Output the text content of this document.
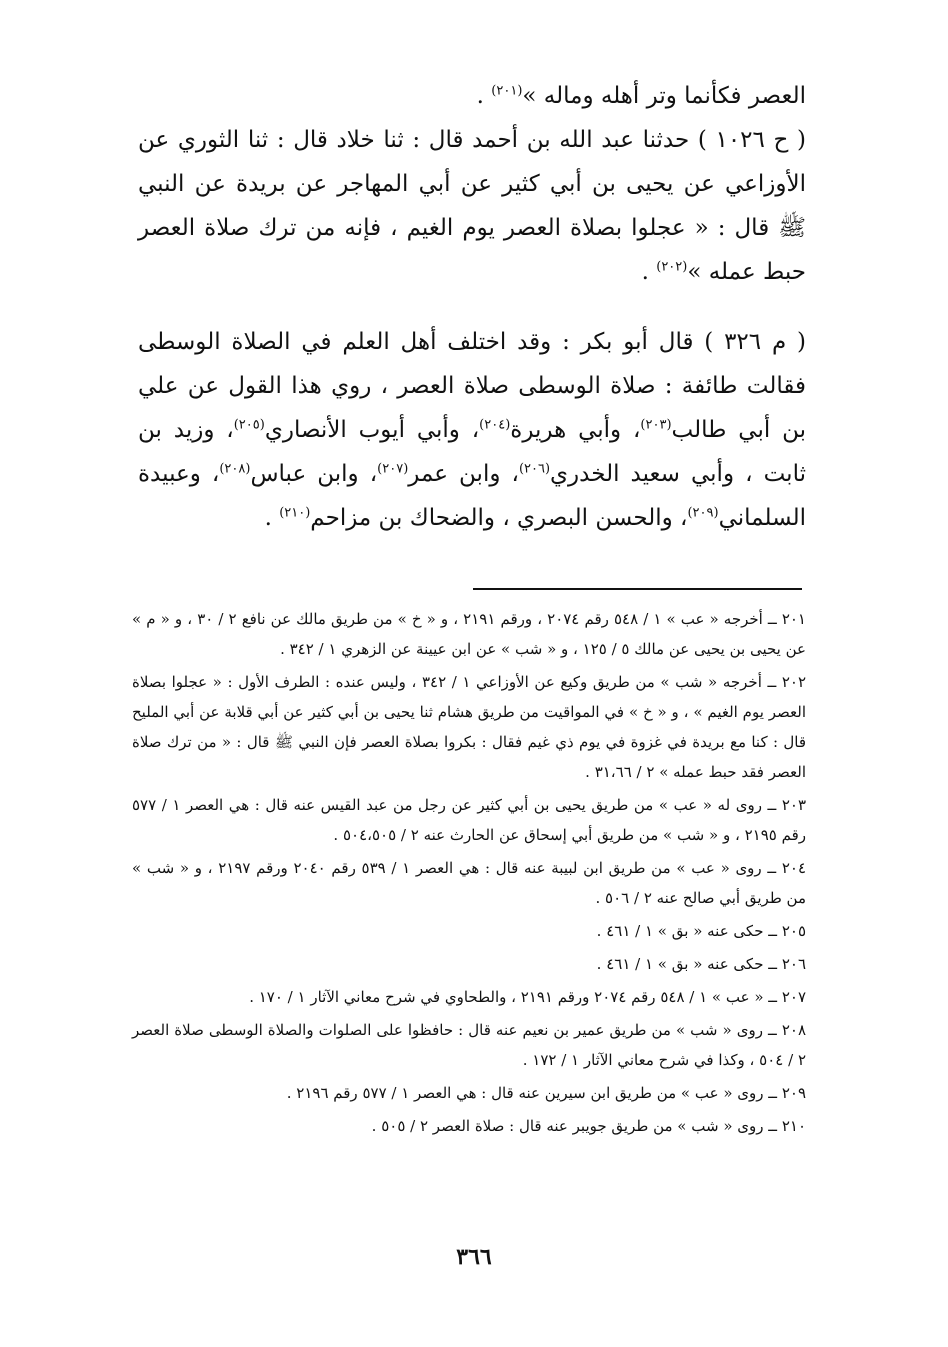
العصر فكأنما وتر أهله وماله »$^{(٢٠١)}$ .

( ح ١٠٢٦ ) حدثنا عبد الله بن أحمد قال : ثنا خلاد قال : ثنا الثوري عن الأوزاعي عن يحيى بن أبي كثير عن أبي المهاجر عن بريدة عن النبي ﷺ قال : « عجلوا بصلاة العصر يوم الغيم ، فإنه من ترك صلاة العصر حبط عمله »$^{(٢٠٢)}$ .

( م ٣٢٦ ) قال أبو بكر : وقد اختلف أهل العلم في الصلاة الوسطى فقالت طائفة : صلاة الوسطى صلاة العصر ، روي هذا القول عن علي بن أبي طالب$^{(٢٠٣)}$، وأبي هريرة$^{(٢٠٤)}$، وأبي أيوب الأنصاري$^{(٢٠٥)}$، وزيد بن ثابت ، وأبي سعيد الخدري$^{(٢٠٦)}$، وابن عمر$^{(٢٠٧)}$، وابن عباس$^{(٢٠٨)}$، وعبيدة السلماني$^{(٢٠٩)}$، والحسن البصري ، والضحاك بن مزاحم$^{(٢١٠)}$ .

٢٠١ ــ أخرجه « عب » ١ / ٥٤٨ رقم ٢٠٧٤ ، ورقم ٢١٩١ ، و « خ » من طريق مالك عن نافع ٢ / ٣٠ ، و « م » عن يحيى بن يحيى عن مالك ٥ / ١٢٥ ، و « شب » عن ابن عيينة عن الزهري ١ / ٣٤٢ .

٢٠٢ ــ أخرجه « شب » من طريق وكيع عن الأوزاعي ١ / ٣٤٢ ، وليس عنده : الطرف الأول : « عجلوا بصلاة العصر يوم الغيم » ، و « خ » في المواقيت من طريق هشام ثنا يحيى بن أبي كثير عن أبي قلابة عن أبي المليح قال : كنا مع بريدة في غزوة في يوم ذي غيم فقال : بكروا بصلاة العصر فإن النبي ﷺ قال : « من ترك صلاة العصر فقد حبط عمله » ٢ / ٣١،٦٦ .

٢٠٣ ــ روى له « عب » من طريق يحيى بن أبي كثير عن رجل من عبد القيس عنه قال : هي العصر ١ / ٥٧٧ رقم ٢١٩٥ ، و « شب » من طريق أبي إسحاق عن الحارث عنه ٢ / ٥٠٤،٥٠٥ .

٢٠٤ ــ روى « عب » من طريق ابن لبيبة عنه قال : هي العصر ١ / ٥٣٩ رقم ٢٠٤٠ ورقم ٢١٩٧ ، و « شب » من طريق أبي صالح عنه ٢ / ٥٠٦ .

٢٠٥ ــ حكى عنه « بق » ١ / ٤٦١ .

٢٠٦ ــ حكى عنه « بق » ١ / ٤٦١ .

٢٠٧ ــ « عب » ١ / ٥٤٨ رقم ٢٠٧٤ ورقم ٢١٩١ ، والطحاوي في شرح معاني الآثار ١ / ١٧٠ .

٢٠٨ ــ روى « شب » من طريق عمير بن نعيم عنه قال : حافظوا على الصلوات والصلاة الوسطى صلاة العصر ٢ / ٥٠٤ ، وكذا في شرح معاني الآثار ١ / ١٧٢ .

٢٠٩ ــ روى « عب » من طريق ابن سيرين عنه قال : هي العصر ١ / ٥٧٧ رقم ٢١٩٦ .

٢١٠ ــ روى « شب » من طريق جويبر عنه قال : صلاة العصر ٢ / ٥٠٥ .

٣٦٦
